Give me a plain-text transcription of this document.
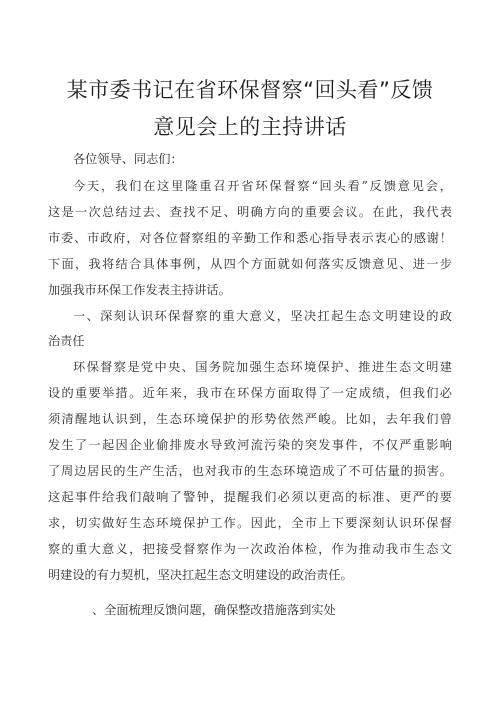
某市委书记在省环保督察“回头看”反馈
意见会上的主持讲话
各位领导、同志们：
今天，我们在这里隆重召开省环保督察“回头看”反馈意见会，
这是一次总结过去、查找不足、明确方向的重要会议。在此，我代表
市委、市政府，对各位督察组的辛勤工作和悉心指导表示衷心的感谢！
下面，我将结合具体事例，从四个方面就如何落实反馈意见、进一步
加强我市环保工作发表主持讲话。
一、深刻认识环保督察的重大意义，坚决扛起生态文明建设的政
治责任
环保督察是党中央、国务院加强生态环境保护、推进生态文明建
设的重要举措。近年来，我市在环保方面取得了一定成绩，但我们必
须清醒地认识到，生态环境保护的形势依然严峻。比如，去年我们曾
发生了一起因企业偷排废水导致河流污染的突发事件，不仅严重影响
了周边居民的生产生活，也对我市的生态环境造成了不可估量的损害。
这起事件给我们敲响了警钟，提醒我们必须以更高的标准、更严的要
求，切实做好生态环境保护工作。因此，全市上下要深刻认识环保督
察的重大意义，把接受督察作为一次政治体检，作为推动我市生态文
明建设的有力契机，坚决扛起生态文明建设的政治责任。
、全面梳理反馈问题，确保整改措施落到实处
